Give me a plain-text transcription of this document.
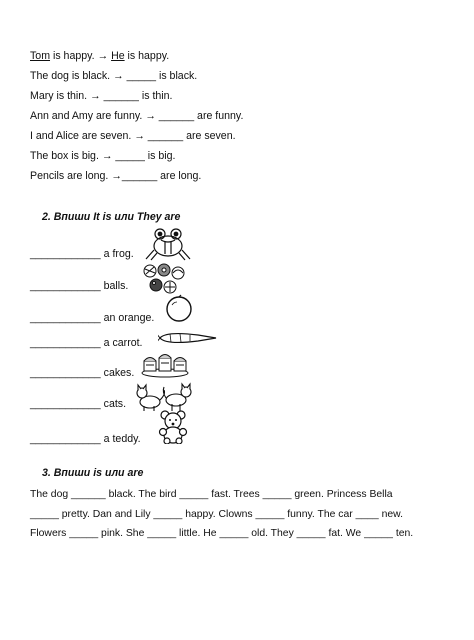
Tom is happy. → He is happy.
The dog is black. → _____ is black.
Mary is thin. → ______ is thin.
Ann and Amy are funny. → ______ are funny.
I and Alice are seven. → ______ are seven.
The box is big. → _____ is big.
Pencils are long. →______ are long.
2. Впиши It is или They are
____________ a frog.
____________ balls.
____________ an orange.
____________ a carrot.
____________ cakes.
____________ cats.
____________ a teddy.
3. Впиши is или are
The dog ______ black. The bird _____ fast. Trees _____ green. Princess Bella
_____ pretty. Dan and Lily _____ happy. Clowns _____ funny. The car ____ new.
Flowers _____ pink. She _____ little. He _____ old. They _____ fat. We _____ ten.
